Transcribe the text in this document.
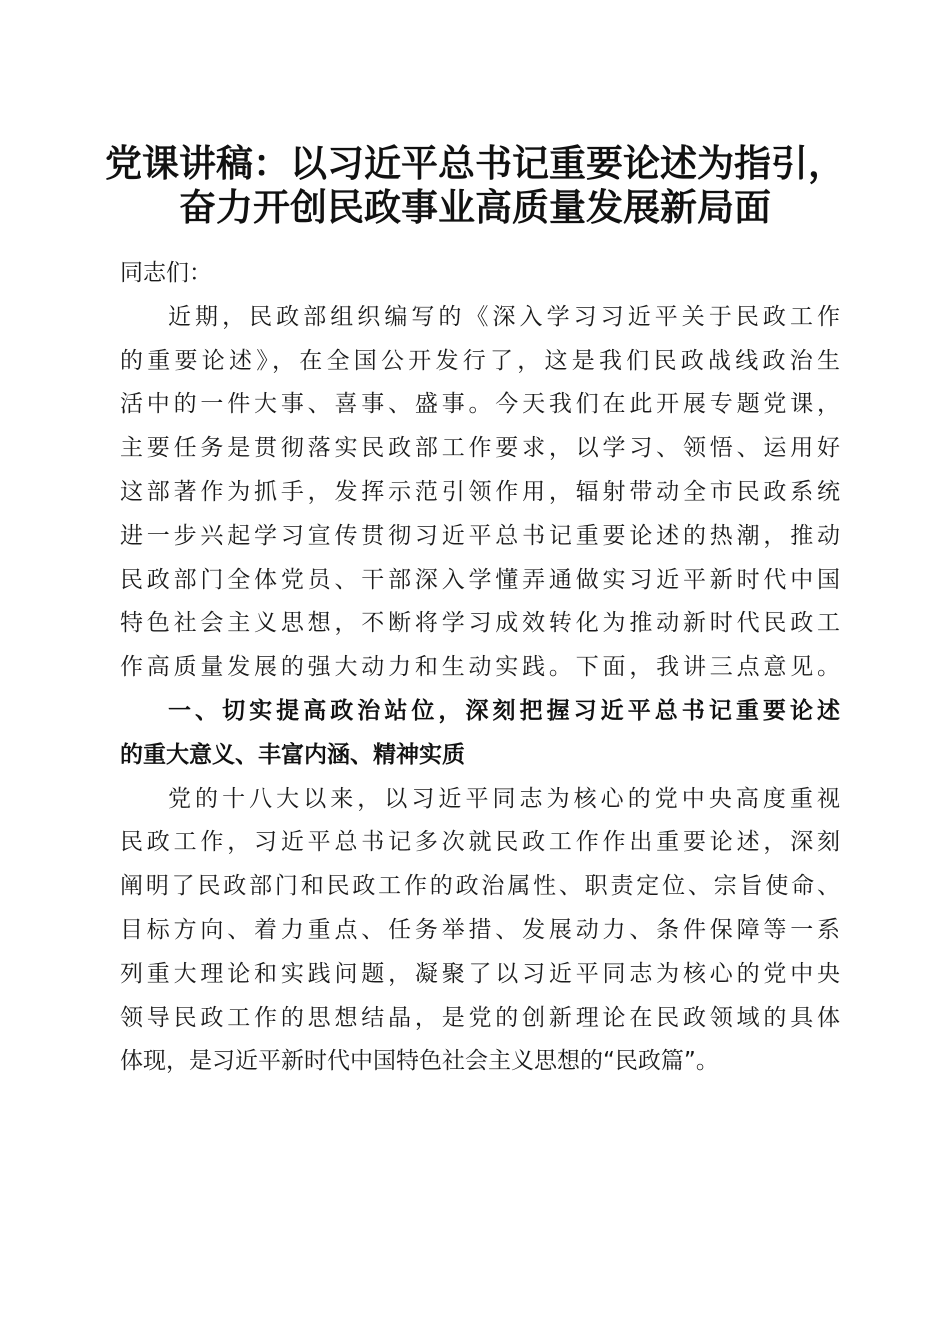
党课讲稿：以习近平总书记重要论述为指引，
奋力开创民政事业高质量发展新局面
同志们：
近期，民政部组织编写的《深入学习习近平关于民政工作
的重要论述》，在全国公开发行了，这是我们民政战线政治生
活中的一件大事、喜事、盛事。今天我们在此开展专题党课，
主要任务是贯彻落实民政部工作要求，以学习、领悟、运用好
这部著作为抓手，发挥示范引领作用，辐射带动全市民政系统
进一步兴起学习宣传贯彻习近平总书记重要论述的热潮，推动
民政部门全体党员、干部深入学懂弄通做实习近平新时代中国
特色社会主义思想，不断将学习成效转化为推动新时代民政工
作高质量发展的强大动力和生动实践。下面，我讲三点意见。
一、切实提高政治站位，深刻把握习近平总书记重要论述
的重大意义、丰富内涵、精神实质
党的十八大以来，以习近平同志为核心的党中央高度重视
民政工作，习近平总书记多次就民政工作作出重要论述，深刻
阐明了民政部门和民政工作的政治属性、职责定位、宗旨使命、
目标方向、着力重点、任务举措、发展动力、条件保障等一系
列重大理论和实践问题，凝聚了以习近平同志为核心的党中央
领导民政工作的思想结晶，是党的创新理论在民政领域的具体
体现，是习近平新时代中国特色社会主义思想的“民政篇”。
